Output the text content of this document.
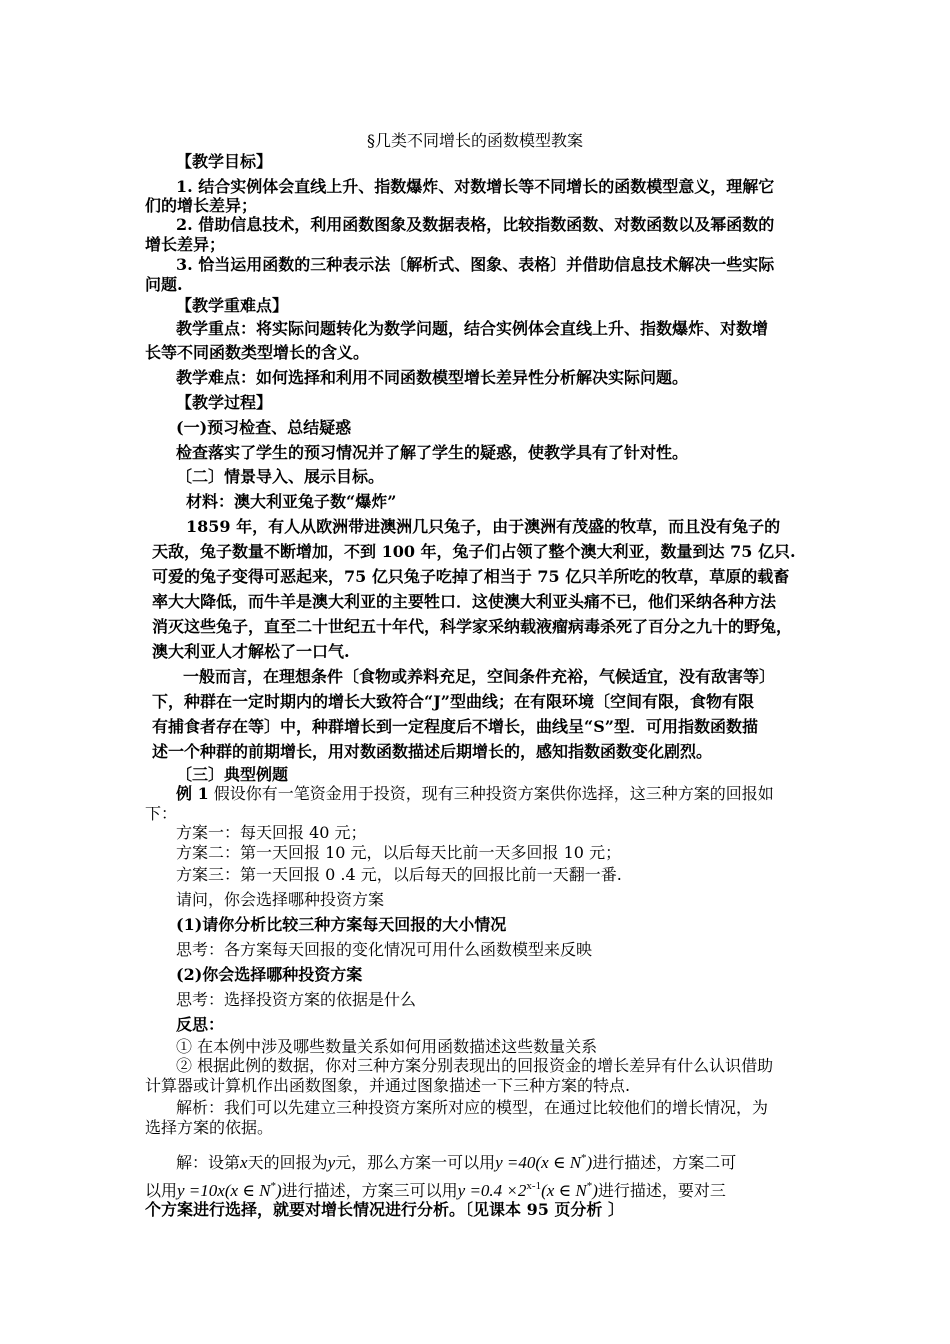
§几类不同增长的函数模型教案
【教学目标】
1. 结合实例体会直线上升、指数爆炸、对数增长等不同增长的函数模型意义，理解它
们的增长差异；
2. 借助信息技术，利用函数图象及数据表格，比较指数函数、对数函数以及幂函数的
增长差异；
3. 恰当运用函数的三种表示法〔解析式、图象、表格〕并借助信息技术解决一些实际
问题.
【教学重难点】
教学重点：将实际问题转化为数学问题，结合实例体会直线上升、指数爆炸、对数增
长等不同函数类型增长的含义。
教学难点：如何选择和利用不同函数模型增长差异性分析解决实际问题。
【教学过程】
(一)预习检查、总结疑惑
检查落实了学生的预习情况并了解了学生的疑惑，使教学具有了针对性。
〔二〕情景导入、展示目标。
材料：澳大利亚兔子数“爆炸”
1859 年，有人从欧洲带进澳洲几只兔子，由于澳洲有茂盛的牧草，而且没有兔子的
天敌，兔子数量不断增加，不到 100 年，兔子们占领了整个澳大利亚，数量到达 75 亿只.
可爱的兔子变得可恶起来，75 亿只兔子吃掉了相当于 75 亿只羊所吃的牧草，草原的载畜
率大大降低，而牛羊是澳大利亚的主要牲口．这使澳大利亚头痛不已，他们采纳各种方法
消灭这些兔子，直至二十世纪五十年代，科学家采纳载液瘤病毒杀死了百分之九十的野兔，
澳大利亚人才解松了一口气.
一般而言，在理想条件〔食物或养料充足，空间条件充裕，气候适宜，没有敌害等〕
下，种群在一定时期内的增长大致符合“J”型曲线；在有限环境〔空间有限，食物有限
有捕食者存在等〕中，种群增长到一定程度后不增长，曲线呈“S”型．可用指数函数描
述一个种群的前期增长，用对数函数描述后期增长的，感知指数函数变化剧烈。
〔三〕典型例题
例 1 假设你有一笔资金用于投资，现有三种投资方案供你选择，这三种方案的回报如
下：
方案一：每天回报 40 元；
方案二：第一天回报 10 元，以后每天比前一天多回报 10 元；
方案三：第一天回报 0 .4 元，以后每天的回报比前一天翻一番.
请问，你会选择哪种投资方案
(1)请你分析比较三种方案每天回报的大小情况
思考：各方案每天回报的变化情况可用什么函数模型来反映
(2)你会选择哪种投资方案
思考：选择投资方案的依据是什么
反思：
① 在本例中涉及哪些数量关系如何用函数描述这些数量关系
② 根据此例的数据，你对三种方案分别表现出的回报资金的增长差异有什么认识借助
计算器或计算机作出函数图象，并通过图象描述一下三种方案的特点.
解析：我们可以先建立三种投资方案所对应的模型，在通过比较他们的增长情况，为
选择方案的依据。
解：设第x天的回报为y元，那么方案一可以用y =40(x ∈ N*)进行描述，方案二可
以用y =10x(x ∈ N*)进行描述，方案三可以用$y =0.4 \times 2^{x-1}(x$ ∈ N*)进行描述，要对三
个方案进行选择，就要对增长情况进行分析。〔见课本 95 页分析 〕
